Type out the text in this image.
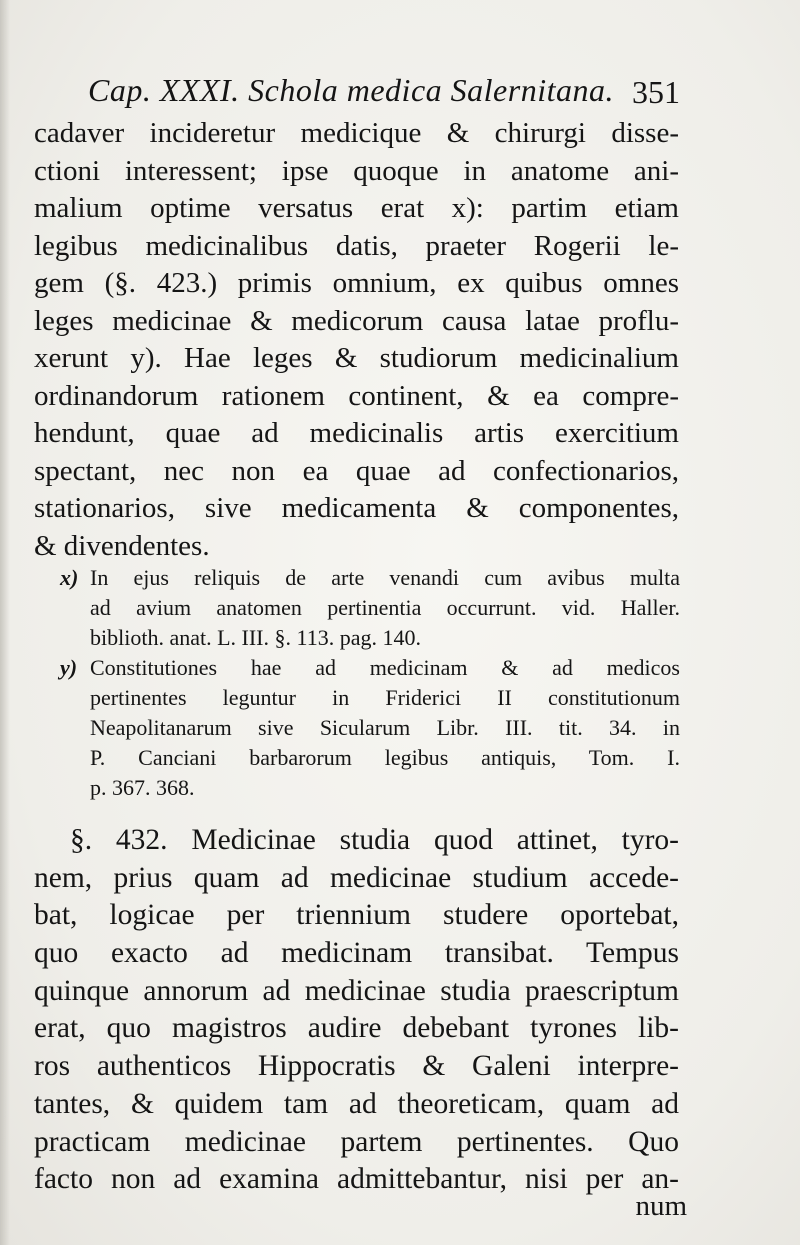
Cap. XXXI. Schola medica Salernitana. 351
cadaver incideretur medicique & chirurgi disse-
ctioni interessent; ipse quoque in anatome ani-
malium optime versatus erat x): partim etiam
legibus medicinalibus datis, praeter Rogerii le-
gem (§. 423.) primis omnium, ex quibus omnes
leges medicinae & medicorum causa latae proflu-
xerunt y). Hae leges & studiorum medicinalium
ordinandorum rationem continent, & ea compre-
hendunt, quae ad medicinalis artis exercitium
spectant, nec non ea quae ad confectionarios,
stationarios, sive medicamenta & componentes,
& divendentes.
x) In ejus reliquis de arte venandi cum avibus multa
ad avium anatomen pertinentia occurrunt. vid. Haller.
biblioth. anat. L. III. §. 113. pag. 140.
y) Constitutiones hae ad medicinam & ad medicos
pertinentes leguntur in Friderici II constitutionum
Neapolitanarum sive Sicularum Libr. III. tit. 34. in
P. Canciani barbarorum legibus antiquis, Tom. I.
p. 367. 368.
§. 432. Medicinae studia quod attinet, tyro-
nem, prius quam ad medicinae studium accede-
bat, logicae per triennium studere oportebat,
quo exacto ad medicinam transibat. Tempus
quinque annorum ad medicinae studia praescriptum
erat, quo magistros audire debebant tyrones lib-
ros authenticos Hippocratis & Galeni interpre-
tantes, & quidem tam ad theoreticam, quam ad
practicam medicinae partem pertinentes. Quo
facto non ad examina admittebantur, nisi per an-
num
